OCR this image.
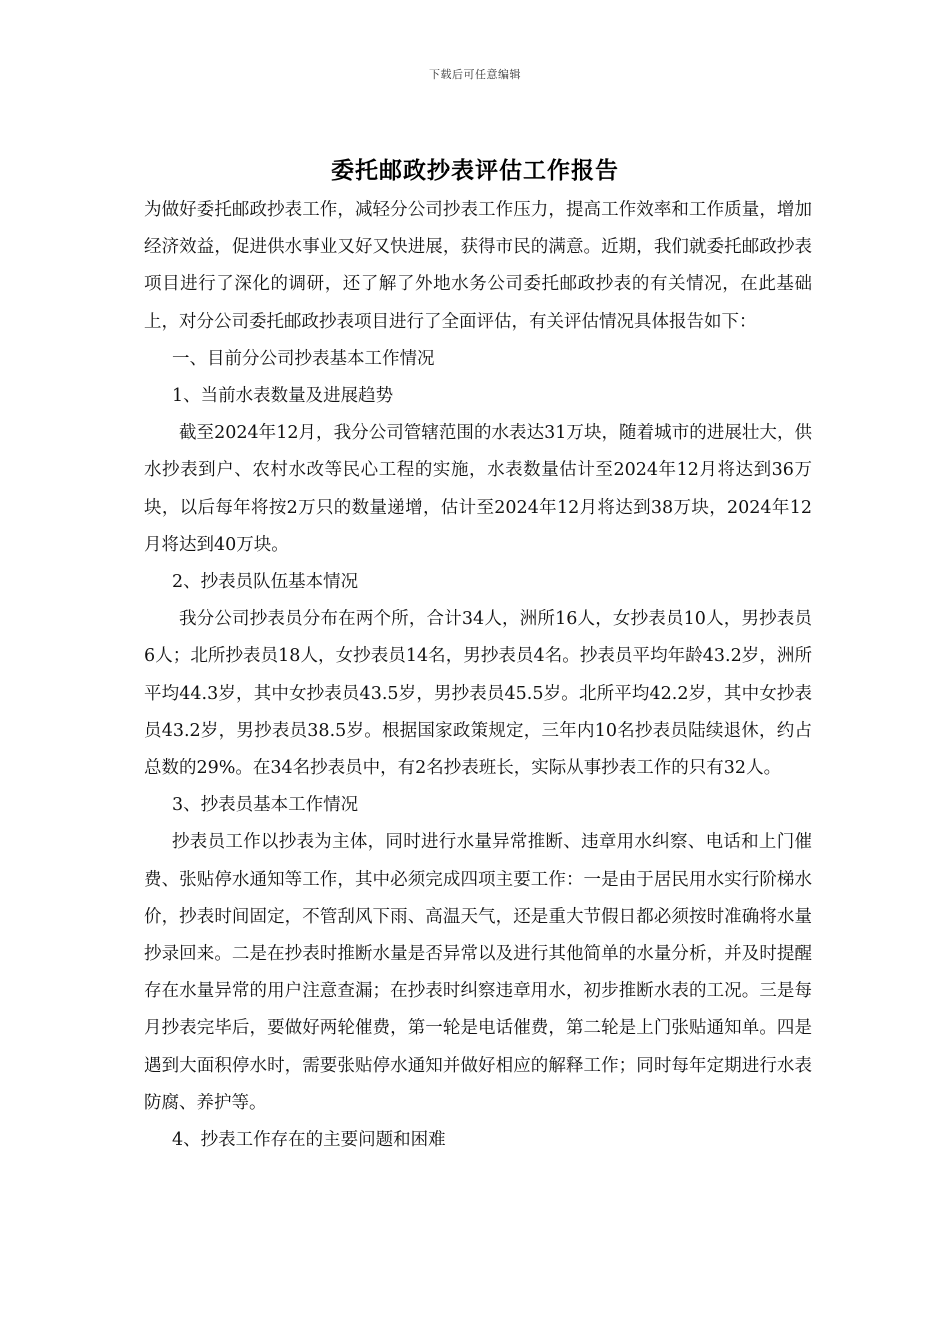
下载后可任意编辑
委托邮政抄表评估工作报告

为做好委托邮政抄表工作，减轻分公司抄表工作压力，提高工作效率和工作质量，增加经济效益，促进供水事业又好又快进展，获得市民的满意。近期，我们就委托邮政抄表项目进行了深化的调研，还了解了外地水务公司委托邮政抄表的有关情况，在此基础上，对分公司委托邮政抄表项目进行了全面评估，有关评估情况具体报告如下：

一、目前分公司抄表基本工作情况

1、当前水表数量及进展趋势

截至2024年12月，我分公司管辖范围的水表达31万块，随着城市的进展壮大，供水抄表到户、农村水改等民心工程的实施，水表数量估计至2024年12月将达到36万块，以后每年将按2万只的数量递增，估计至2024年12月将达到38万块，2024年12月将达到40万块。

2、抄表员队伍基本情况

我分公司抄表员分布在两个所，合计34人，洲所16人，女抄表员10人，男抄表员6人；北所抄表员18人，女抄表员14名，男抄表员4名。抄表员平均年龄43.2岁，洲所平均44.3岁，其中女抄表员43.5岁，男抄表员45.5岁。北所平均42.2岁，其中女抄表员43.2岁，男抄表员38.5岁。根据国家政策规定，三年内10名抄表员陆续退休，约占总数的29%。在34名抄表员中，有2名抄表班长，实际从事抄表工作的只有32人。

3、抄表员基本工作情况

抄表员工作以抄表为主体，同时进行水量异常推断、违章用水纠察、电话和上门催费、张贴停水通知等工作，其中必须完成四项主要工作：一是由于居民用水实行阶梯水价，抄表时间固定，不管刮风下雨、高温天气，还是重大节假日都必须按时准确将水量抄录回来。二是在抄表时推断水量是否异常以及进行其他简单的水量分析，并及时提醒存在水量异常的用户注意查漏；在抄表时纠察违章用水，初步推断水表的工况。三是每月抄表完毕后，要做好两轮催费，第一轮是电话催费，第二轮是上门张贴通知单。四是遇到大面积停水时，需要张贴停水通知并做好相应的解释工作；同时每年定期进行水表防腐、养护等。

4、抄表工作存在的主要问题和困难
